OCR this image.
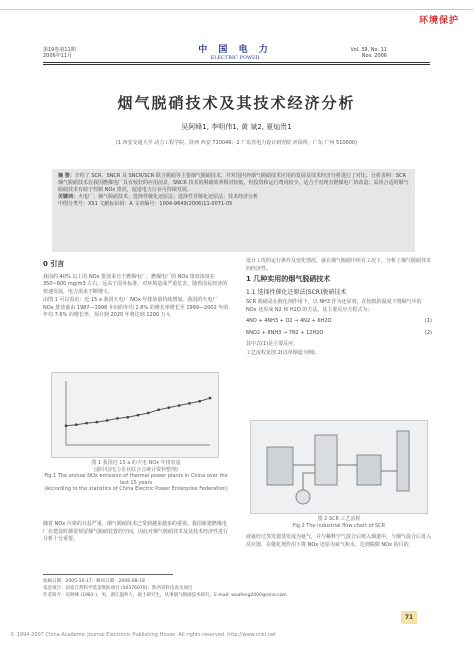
环境保护
第19卷第11期
2006年11月
中 国 电 力
ELECTRIC POWER
Vol. 39, No. 11
Nov. 2006
烟气脱硝技术及其技术经济分析
吴阿峰1, 李明伟1, 黄 斌2, 夏灿贵1
(1 西安交通大学 动力工程学院，陕西 西安 710049；2 广东省电力设计研究院 环保所，广东 广州 510600)

摘 要：介绍了 SCR、SNCR 及 SNCR/SCR 联合脱硝等主要烟气脱硝技术，并对国内外烟气脱硝技术应用的发展及技术经济分析进行了对比。分析表明：SCR 烟气脱硝技术在我国燃煤电厂具有较好的应用前景，SNCR 技术的脱硝效率相对较低，但投资和运行费用较少，适合于对现有燃煤电厂的改造；采用合适的烟气脱硝技术有助于控制 NOx 排放，促进电力行业可持续发展。

关键词：火电厂；烟气脱硝技术；选择性催化还原法；选择性非催化还原法；技术经济分析

中图分类号：X51 文献标识码：A 文章编号：1004-9649(2006)11-0071-05

0 引言

我国的 40% 以上的 NOx 排放来自于燃煤电厂，燃煤电厂的 NOx 排放浓度在 350~600 mg/m3 左右，远高于国外标准，对环境造成严重危害。随着国民经济的快速发展，电力需求不断增大。

由图 1 可以看出：近 15 a 我国火电厂 NOx 年排放量持续增加。我国的火电厂 NOx 排放量由 1987—1998 年间的年均 2.6% 的增长率增长至 1999—2002 年的年均 7.6% 的增长率，预计到 2020 年将达到 1200 万 t。

图 1 我国近 15 a 的火电 NOx 年排放量
(据中国电力企业联合会统计资料整理)
Fig.1 The annual NOx emission of thermal power plants in China over the last 15 years
(According to the statistics of China Electric Power Enterprise Federation)

随着 NOx 污染的日益严重，烟气脱硝技术已受到越来越多的重视。我国新建燃煤电厂在建设时都要预留烟气脱硝装置的空间，因此对烟气脱硝技术及其技术经济性进行分析十分重要。

设计工况的运行条件及变化情况，就在烟气脱硝中所有工况下，分析了烟气脱硝技术的经济性。

1 几种实用的烟气脱硝技术
1.1 选择性催化还原法(SCR)脱硝技术

SCR 脱硝是在催化剂作用下，以 NH3 作为还原剂，在较低的温度下将烟气中的 NOx 还原成 N2 和 H2O 的方法。其主要反应方程式为：

4NO + 4NH3 + O2 → 4N2 + 6H2O	(1)
6NO2 + 8NH3 → 7N2 + 12H2O	(2)

其中式(1)是主要反应，

工艺流程见图 2(以单烟道为例)。

图 2 SCR 工艺流程
Fig.2 The industrial flow chart of SCR

液氨经过蒸发器蒸发成为氨气，并与稀释空气混合后喷入烟道中，与烟气混合后进入反应器，在催化剂作用下将 NOx 还原为氮气和水，达到脱除 NOx 的目的。

收稿日期：2005-10-17；修回日期：2006-08-18
基金项目：国家自然科学基金资助项目 (50376070)；陕西省科技攻关项目
作者简介：吴阿峰 (1981-)，男，浙江温岭人，硕士研究生，从事烟气脱硝技术研究。E-mail: wuafeng2000@sina.com
71
© 1994-2007 China Academic Journal Electronic Publishing House. All rights reserved. http://www.cnki.net
